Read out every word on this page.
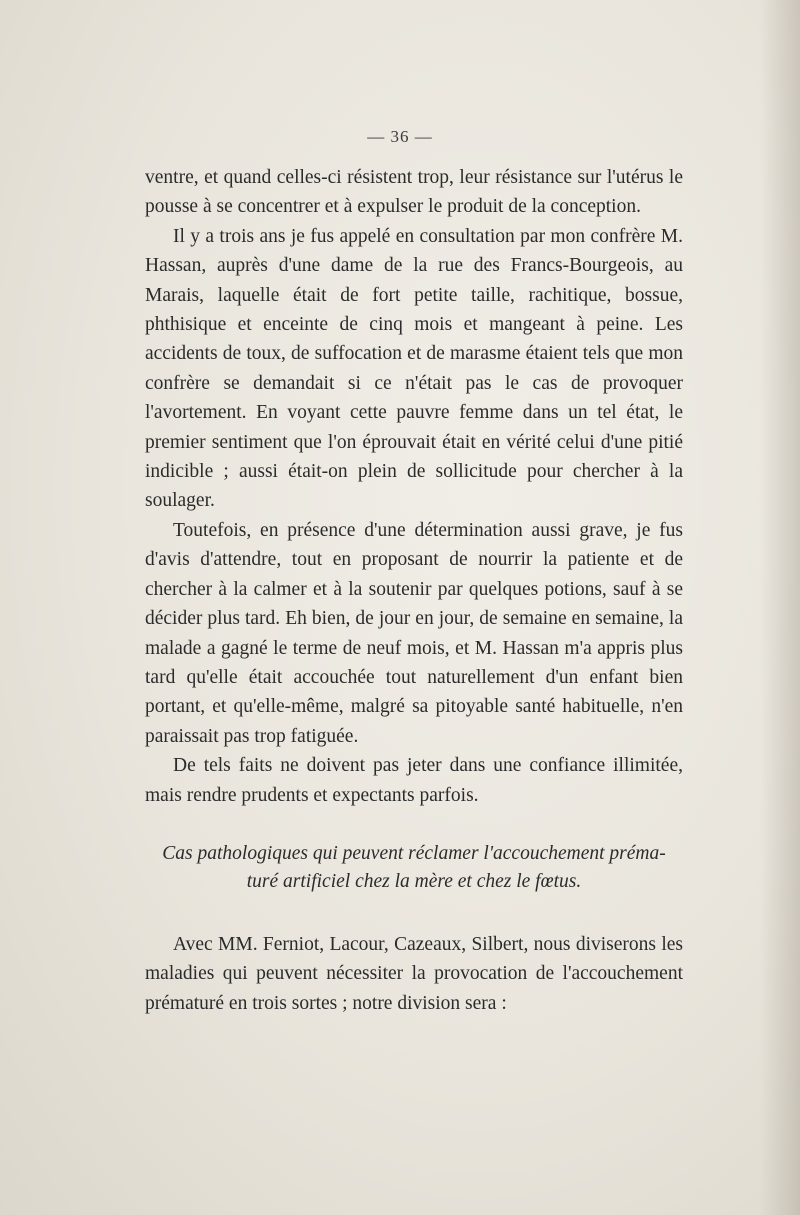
— 36 —

ventre, et quand celles-ci résistent trop, leur résistance sur l'utérus le pousse à se concentrer et à expulser le produit de la conception.

Il y a trois ans je fus appelé en consultation par mon confrère M. Hassan, auprès d'une dame de la rue des Francs-Bourgeois, au Marais, laquelle était de fort petite taille, rachitique, bossue, phthisique et enceinte de cinq mois et mangeant à peine. Les accidents de toux, de suffocation et de marasme étaient tels que mon confrère se demandait si ce n'était pas le cas de provoquer l'avortement. En voyant cette pauvre femme dans un tel état, le premier sentiment que l'on éprouvait était en vérité celui d'une pitié indicible ; aussi était-on plein de sollicitude pour chercher à la soulager.

Toutefois, en présence d'une détermination aussi grave, je fus d'avis d'attendre, tout en proposant de nourrir la patiente et de chercher à la calmer et à la soutenir par quelques potions, sauf à se décider plus tard. Eh bien, de jour en jour, de semaine en semaine, la malade a gagné le terme de neuf mois, et M. Hassan m'a appris plus tard qu'elle était accouchée tout naturellement d'un enfant bien portant, et qu'elle-même, malgré sa pitoyable santé habituelle, n'en paraissait pas trop fatiguée.

De tels faits ne doivent pas jeter dans une confiance illimitée, mais rendre prudents et expectants parfois.

Cas pathologiques qui peuvent réclamer l'accouchement préma-
turé artificiel chez la mère et chez le fœtus.

Avec MM. Ferniot, Lacour, Cazeaux, Silbert, nous diviserons les maladies qui peuvent nécessiter la provocation de l'accouchement prématuré en trois sortes ; notre division sera :
